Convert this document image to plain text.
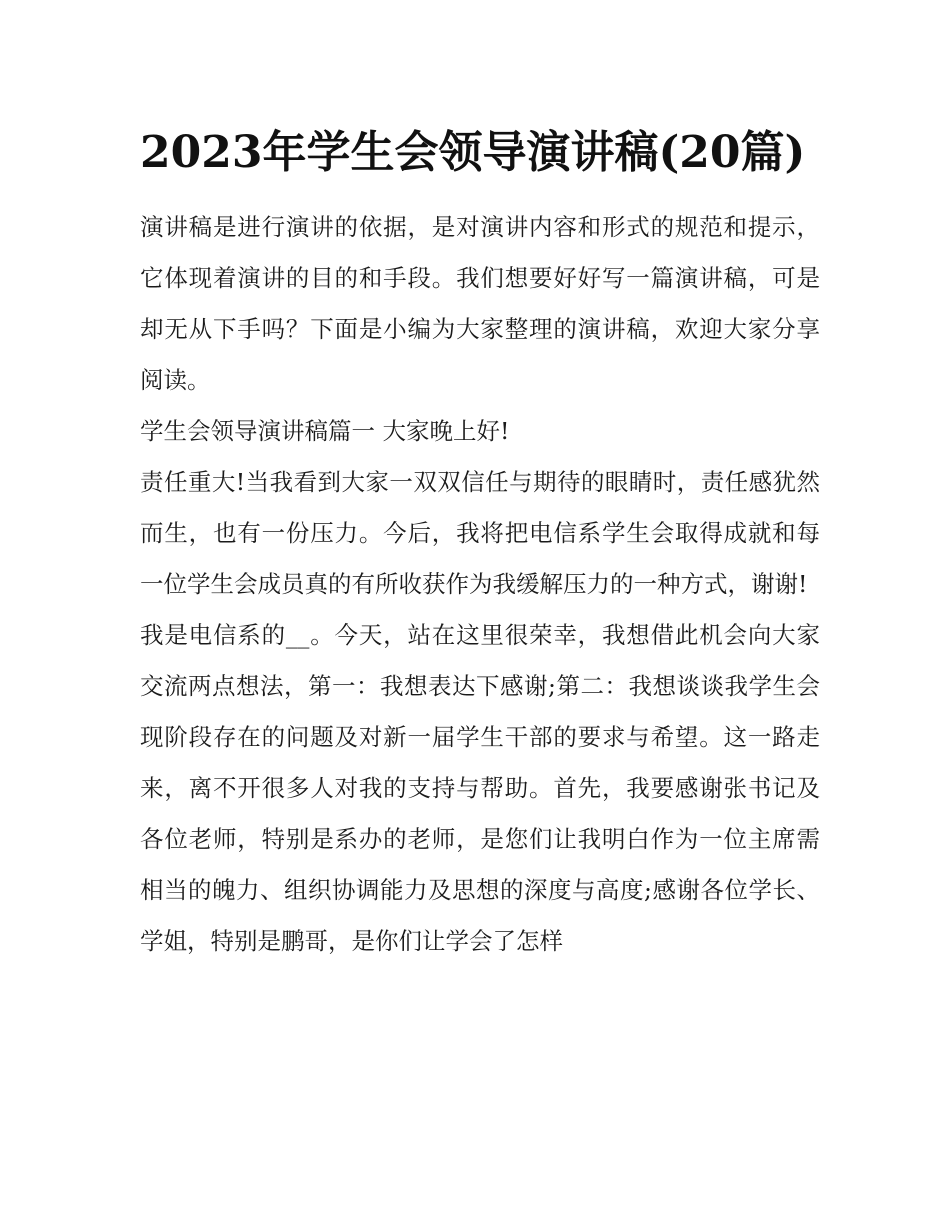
2023年学生会领导演讲稿(20篇)

演讲稿是进行演讲的依据，是对演讲内容和形式的规范和提示，它体现着演讲的目的和手段。我们想要好好写一篇演讲稿，可是却无从下手吗？下面是小编为大家整理的演讲稿，欢迎大家分享阅读。

学生会领导演讲稿篇一 大家晚上好!

责任重大!当我看到大家一双双信任与期待的眼睛时，责任感犹然而生，也有一份压力。今后，我将把电信系学生会取得成就和每一位学生会成员真的有所收获作为我缓解压力的一种方式，谢谢!

我是电信系的__。今天，站在这里很荣幸，我想借此机会向大家交流两点想法，第一：我想表达下感谢;第二：我想谈谈我学生会现阶段存在的问题及对新一届学生干部的要求与希望。这一路走来，离不开很多人对我的支持与帮助。首先，我要感谢张书记及各位老师，特别是系办的老师，是您们让我明白作为一位主席需相当的魄力、组织协调能力及思想的深度与高度;感谢各位学长、学姐，特别是鹏哥，是你们让学会了怎样
